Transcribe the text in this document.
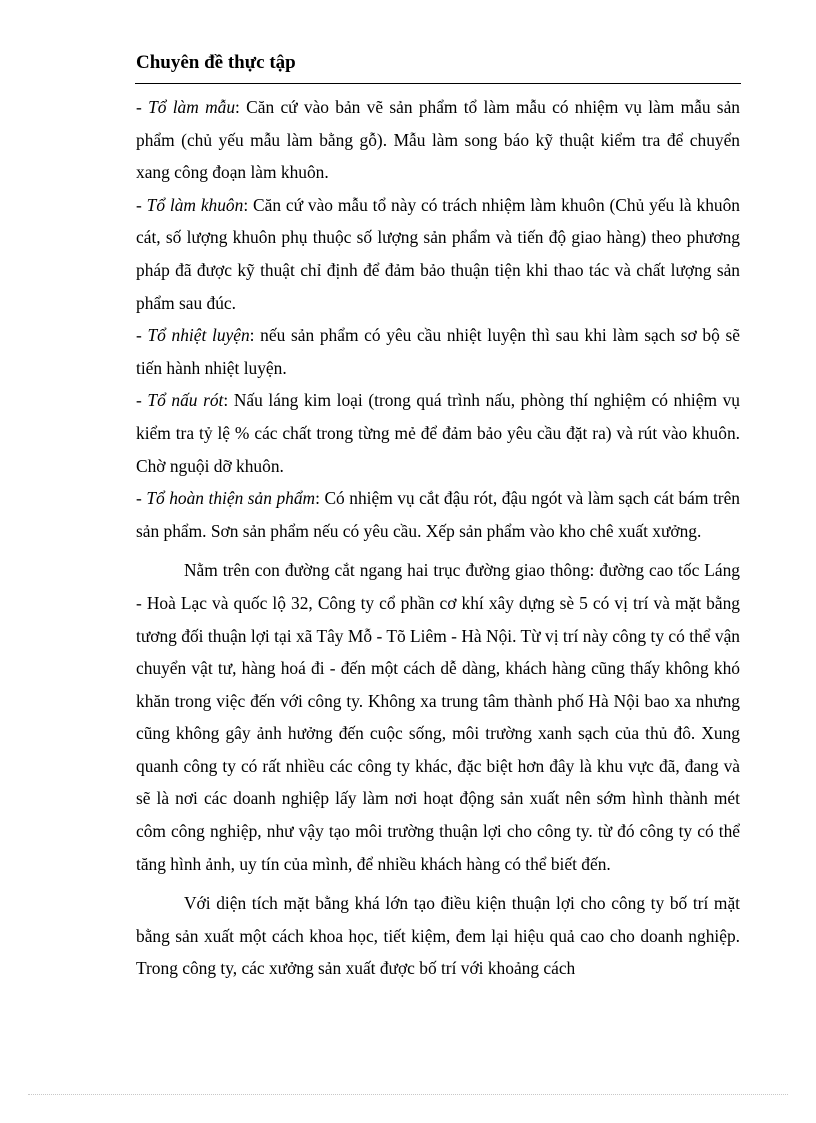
Chuyên đề thực tập

- Tổ làm mẫu: Căn cứ vào bản vẽ sản phẩm tổ làm mẫu có nhiệm vụ làm mẫu sản phẩm (chủ yếu mẫu làm bằng gỗ). Mẫu làm song báo kỹ thuật kiểm tra để chuyển xang công đoạn làm khuôn.

- Tổ làm khuôn: Căn cứ vào mẫu tổ này có trách nhiệm làm khuôn (Chủ yếu là khuôn cát, số lượng khuôn phụ thuộc số lượng sản phẩm và tiến độ giao hàng) theo phương pháp đã được kỹ thuật chỉ định để đảm bảo thuận tiện khi thao tác và chất lượng sản phẩm sau đúc.

- Tổ nhiệt luyện: nếu sản phẩm có yêu cầu nhiệt luyện thì sau khi làm sạch sơ bộ sẽ tiến hành nhiệt luyện.

- Tổ nấu rót: Nấu láng kim loại (trong quá trình nấu, phòng thí nghiệm có nhiệm vụ kiểm tra tỷ lệ % các chất trong từng mẻ để đảm bảo yêu cầu đặt ra) và rút vào khuôn. Chờ nguội dỡ khuôn.

- Tổ hoàn thiện sản phẩm: Có nhiệm vụ cắt đậu rót, đậu ngót và làm sạch cát bám trên sản phẩm. Sơn sản phẩm nếu có yêu cầu. Xếp sản phẩm vào kho chê xuất xưởng.

Nằm trên con đường cắt ngang hai trục đường giao thông: đường cao tốc Láng - Hoà Lạc và quốc lộ 32, Công ty cổ phần cơ khí xây dựng sè 5 có vị trí và mặt bằng tương đối thuận lợi tại xã Tây Mỗ - Tõ Liêm - Hà Nội. Từ vị trí này công ty có thể vận chuyển vật tư, hàng hoá đi - đến một cách dễ dàng, khách hàng cũng thấy không khó khăn trong việc đến với công ty. Không xa trung tâm thành phố Hà Nội bao xa nhưng cũng không gây ảnh hưởng đến cuộc sống, môi trường xanh sạch của thủ đô. Xung quanh công ty có rất nhiều các công ty khác, đặc biệt hơn đây là khu vực đã, đang và sẽ là nơi các doanh nghiệp lấy làm nơi hoạt động sản xuất nên sớm hình thành mét côm công nghiệp, như vậy tạo môi trường thuận lợi cho công ty. từ đó công ty có thể tăng hình ảnh, uy tín của mình, để nhiều khách hàng có thể biết đến.

Với diện tích mặt bằng khá lớn tạo điều kiện thuận lợi cho công ty bố trí mặt bằng sản xuất một cách khoa học, tiết kiệm, đem lại hiệu quả cao cho doanh nghiệp. Trong công ty, các xưởng sản xuất được bố trí với khoảng cách
